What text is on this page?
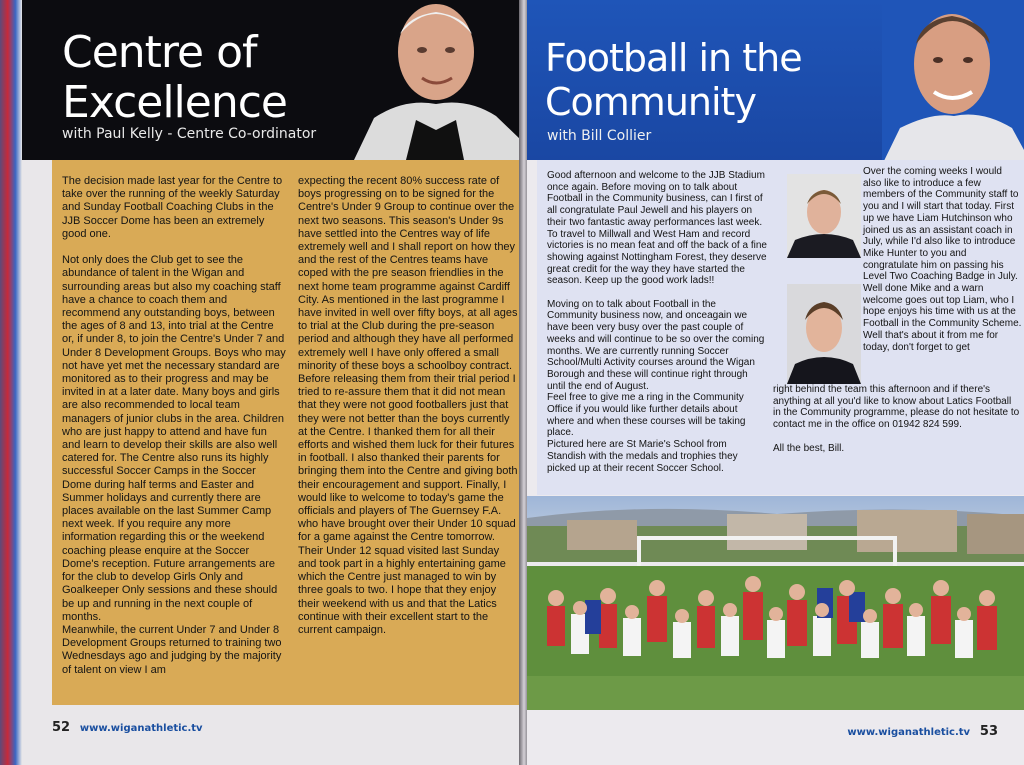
Centre of
Excellence
with Paul Kelly - Centre Co-ordinator
The decision made last year for the Centre to take over the running of the weekly Saturday and Sunday Football Coaching Clubs in the JJB Soccer Dome has been an extremely good one.

Not only does the Club get to see the abundance of talent in the Wigan and surrounding areas but also my coaching staff have a chance to coach them and recommend any outstanding boys, between the ages of 8 and 13, into trial at the Centre or, if under 8, to join the Centre's Under 7 and Under 8 Development Groups. Boys who may not have yet met the necessary standard are monitored as to their progress and may be invited in at a later date. Many boys and girls are also recommended to local team managers of junior clubs in the area. Children who are just happy to attend and have fun and learn to develop their skills are also well catered for. The Centre also runs its highly successful Soccer Camps in the Soccer Dome during half terms and Easter and Summer holidays and currently there are places available on the last Summer Camp next week. If you require any more information regarding this or the weekend coaching please enquire at the Soccer Dome's reception. Future arrangements are for the club to develop Girls Only and Goalkeeper Only sessions and these should be up and running in the next couple of months.
Meanwhile, the current Under 7 and Under 8 Development Groups returned to training two Wednesdays ago and judging by the majority of talent on view I am
expecting the recent 80% success rate of boys progressing on to be signed for the Centre's Under 9 Group to continue over the next two seasons. This season's Under 9s have settled into the Centres way of life extremely well and I shall report on how they and the rest of the Centres teams have coped with the pre season friendlies in the next home team programme against Cardiff City. As mentioned in the last programme I have invited in well over fifty boys, at all ages to trial at the Club during the pre-season period and although they have all performed extremely well I have only offered a small minority of these boys a schoolboy contract. Before releasing them from their trial period I tried to re-assure them that it did not mean that they were not good footballers just that they were not better than the boys currently at the Centre. I thanked them for all their efforts and wished them luck for their futures in football. I also thanked their parents for bringing them into the Centre and giving both their encouragement and support. Finally, I would like to welcome to today's game the officials and players of The Guernsey F.A. who have brought over their Under 10 squad for a game against the Centre tomorrow. Their Under 12 squad visited last Sunday and took part in a highly entertaining game which the Centre just managed to win by three goals to two. I hope that they enjoy their weekend with us and that the Latics continue with their excellent start to the current campaign.
52 www.wiganathletic.tv
Football in the
Community
with Bill Collier
Good afternoon and welcome to the JJB Stadium once again. Before moving on to talk about Football in the Community business, can I first of all congratulate Paul Jewell and his players on their two fantastic away performances last week. To travel to Millwall and West Ham and record victories is no mean feat and off the back of a fine showing against Nottingham Forest, they deserve great credit for the way they have started the season. Keep up the good work lads!!

Moving on to talk about Football in the Community business now, and onceagain we have been very busy over the past couple of weeks and will continue to be so over the coming months. We are currently running Soccer School/Multi Activity courses around the Wigan Borough and these will continue right through until the end of August.
Feel free to give me a ring in the Community Office if you would like further details about where and when these courses will be taking place.
Pictured here are St Marie's School from Standish with the medals and trophies they picked up at their recent Soccer School.
Over the coming weeks I would also like to introduce a few members of the Community staff to you and I will start that today. First up we have Liam Hutchinson who joined us as an assistant coach in July, while I'd also like to introduce Mike Hunter to you and congratulate him on passing his Level Two Coaching Badge in July. Well done Mike and a warn welcome goes out top Liam, who I hope enjoys his time with us at the Football in the Community Scheme.
Well that's about it from me for today, don't forget to get
right behind the team this afternoon and if there's anything at all you'd like to know about Latics Football in the Community programme, please do not hesitate to contact me in the office on 01942 824 599.

All the best, Bill.
www.wiganathletic.tv 53
